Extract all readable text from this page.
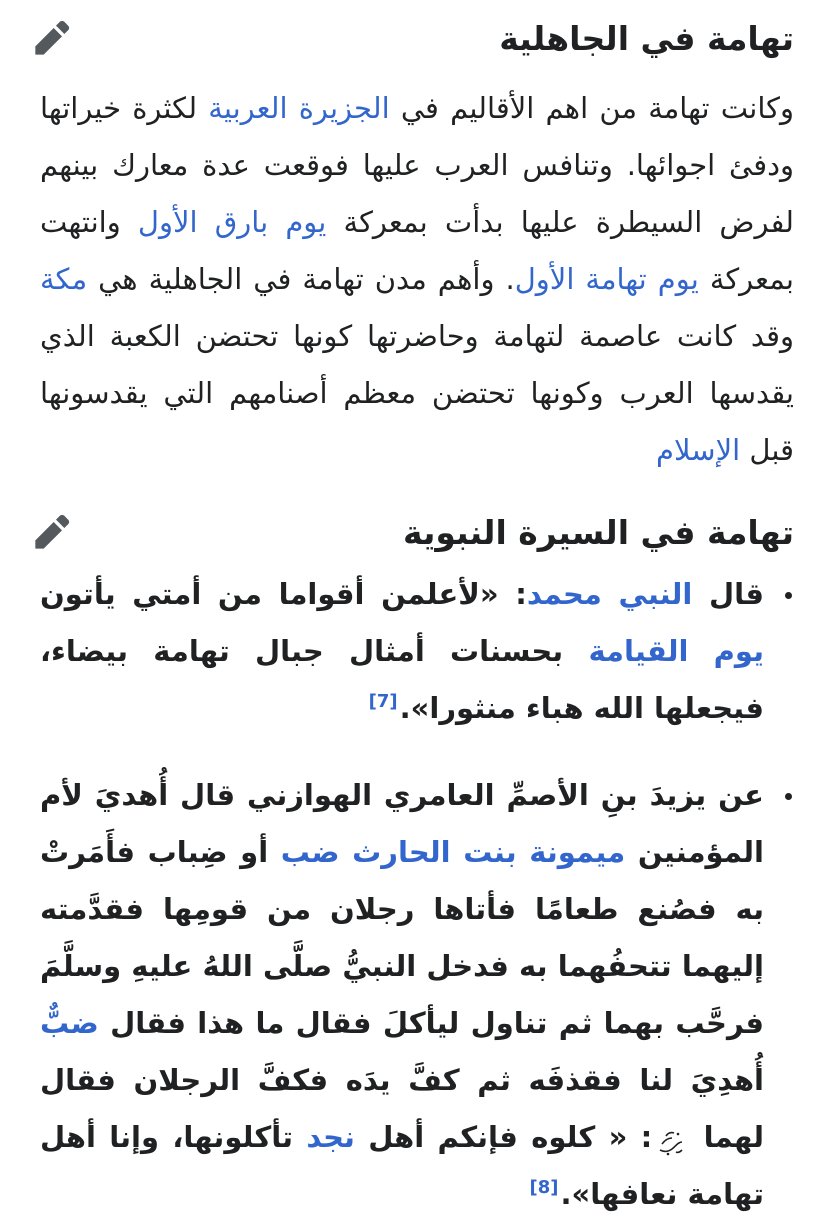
تهامة في الجاهلية

وكانت تهامة من اهم الأقاليم في الجزيرة العربية لكثرة خيراتها ودفئ اجوائها. وتنافس العرب عليها فوقعت عدة معارك بينهم لفرض السيطرة عليها بدأت بمعركة يوم بارق الأول وانتهت بمعركة يوم تهامة الأول. وأهم مدن تهامة في الجاهلية هي مكة وقد كانت عاصمة لتهامة وحاضرتها كونها تحتضن الكعبة الذي يقدسها العرب وكونها تحتضن معظم أصنامهم التي يقدسونها قبل الإسلام

تهامة في السيرة النبوية
قال النبي محمد: «لأعلمن أقواما من أمتي يأتون يوم القيامة بحسنات أمثال جبال تهامة بيضاء، فيجعلها الله هباء منثورا».[7]
عن يزيدَ بنِ الأصمِّ العامري الهوازني قال أُهديَ لأم المؤمنين ميمونة بنت الحارث ضب أو ضِباب فأَمَرتْ به فصُنع طعامًا فأتاها رجلان من قومِها فقدَّمته إليهما تتحفُهما به فدخل النبيُّ صلَّى اللهُ عليهِ وسلَّمَ فرحَّب بهما ثم تناول ليأكلَ فقال ما هذا فقال ضبٌّ أُهدِيَ لنا فقذفَه ثم كفَّ يدَه فكفَّ الرجلان فقال لهما : « كلوه فإنكم أهل نجد تأكلونها، وإنا أهل تهامة نعافها».[8]
